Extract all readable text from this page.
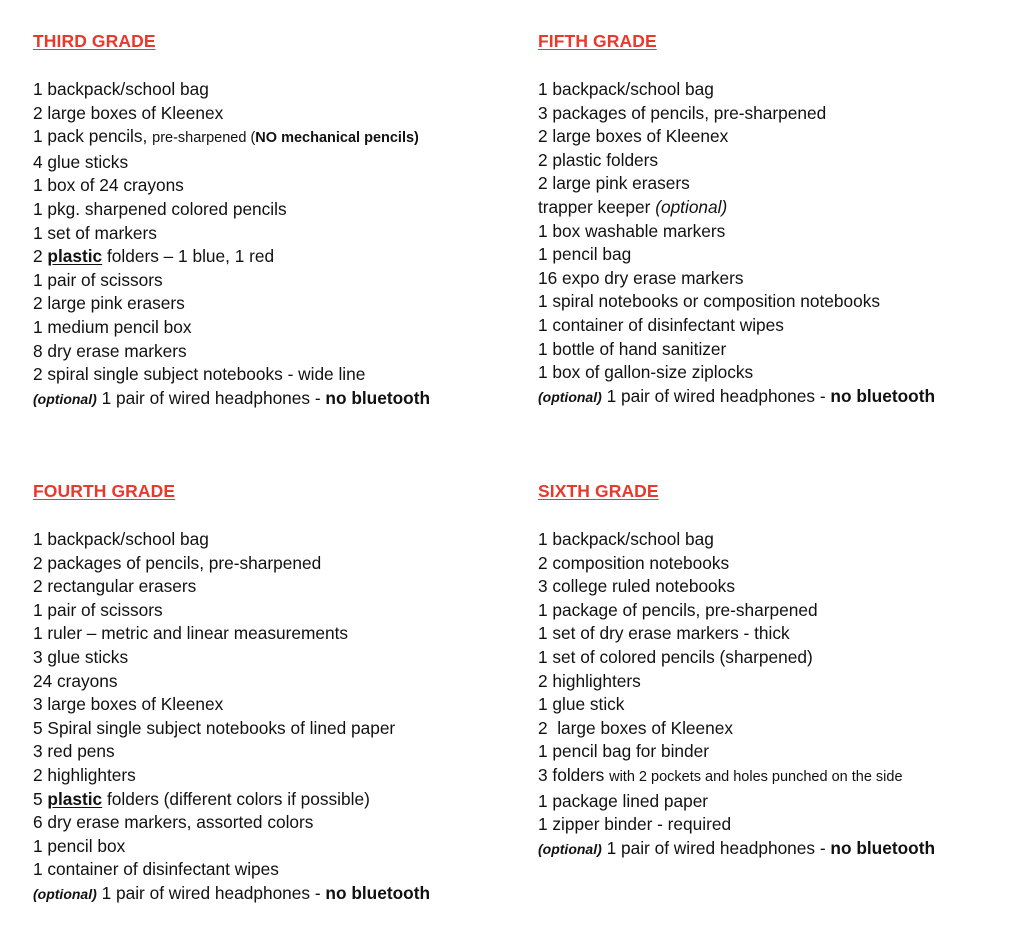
THIRD GRADE
1 backpack/school bag
2 large boxes of Kleenex
1 pack pencils, pre-sharpened (NO mechanical pencils)
4 glue sticks
1 box of 24 crayons
1 pkg. sharpened colored pencils
1 set of markers
2 plastic folders – 1 blue, 1 red
1 pair of scissors
2 large pink erasers
1 medium pencil box
8 dry erase markers
2 spiral single subject notebooks - wide line
(optional) 1 pair of wired headphones - no bluetooth
FIFTH GRADE
1 backpack/school bag
3 packages of pencils, pre-sharpened
2 large boxes of Kleenex
2 plastic folders
2 large pink erasers
trapper keeper (optional)
1 box washable markers
1 pencil bag
16 expo dry erase markers
1 spiral notebooks or composition notebooks
1 container of disinfectant wipes
1 bottle of hand sanitizer
1 box of gallon-size ziplocks
(optional) 1 pair of wired headphones - no bluetooth
FOURTH GRADE
1 backpack/school bag
2 packages of pencils, pre-sharpened
2 rectangular erasers
1 pair of scissors
1 ruler – metric and linear measurements
3 glue sticks
24 crayons
3 large boxes of Kleenex
5 Spiral single subject notebooks of lined paper
3 red pens
2 highlighters
5 plastic folders (different colors if possible)
6 dry erase markers, assorted colors
1 pencil box
1 container of disinfectant wipes
(optional) 1 pair of wired headphones - no bluetooth
SIXTH GRADE
1 backpack/school bag
2 composition notebooks
3 college ruled notebooks
1 package of pencils, pre-sharpened
1 set of dry erase markers - thick
1 set of colored pencils (sharpened)
2 highlighters
1 glue stick
2  large boxes of Kleenex
1 pencil bag for binder
3 folders with 2 pockets and holes punched on the side
1 package lined paper
1 zipper binder - required
(optional) 1 pair of wired headphones - no bluetooth
